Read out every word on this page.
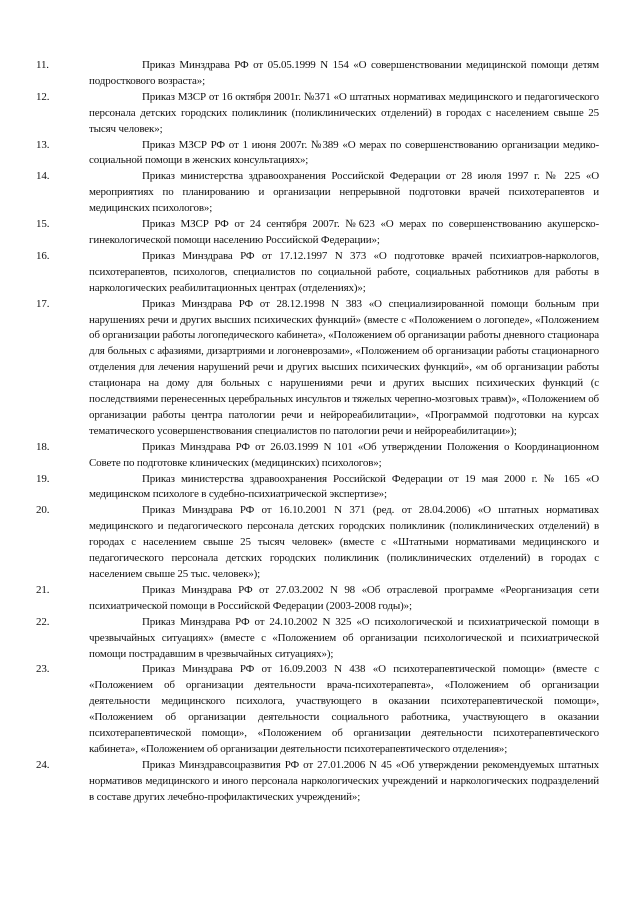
11.	Приказ Минздрава РФ от 05.05.1999 N 154 «О совершенствовании медицинской помощи детям подросткового возраста»;

12.	Приказ МЗСР от 16 октября 2001г. №371 «О штатных нормативах медицинского и педагогического персонала детских городских поликлиник (поликлинических отделений) в городах с населением свыше 25 тысяч человек»;

13.	Приказ МЗСР РФ от 1 июня 2007г. №389 «О мерах по совершенствованию организации медико-социальной помощи в женских консультациях»;

14.	Приказ министерства здравоохранения Российской Федерации от 28 июля 1997 г. № 225 «О мероприятиях по планированию и организации непрерывной подготовки врачей психотерапевтов и медицинских психологов»;

15.	Приказ МЗСР РФ от 24 сентября 2007г. №623 «О мерах по совершенствованию акушерско-гинекологической помощи населению Российской Федерации»;

16.	Приказ Минздрава РФ от 17.12.1997 N 373 «О подготовке врачей психиатров-наркологов, психотерапевтов, психологов, специалистов по социальной работе, социальных работников для работы в наркологических реабилитационных центрах (отделениях)»;

17.	Приказ Минздрава РФ от 28.12.1998 N 383 «О специализированной помощи больным при нарушениях речи и других высших психических функций» (вместе с «Положением о логопеде», «Положением об организации работы логопедического кабинета», «Положением об организации работы дневного стационара для больных с афазиями, дизартриями и логоневрозами», «Положением об организации работы стационарного отделения для лечения нарушений речи и других высших психических функций», «м об организации работы стационара на дому для больных с нарушениями речи и других высших психических функций (с последствиями перенесенных церебральных инсультов и тяжелых черепно-мозговых травм)», «Положением об организации работы центра патологии речи и нейрореабилитации», «Программой подготовки на курсах тематического усовершенствования специалистов по патологии речи и нейрореабилитации»);

18.	Приказ Минздрава РФ от 26.03.1999 N 101 «Об утверждении Положения о Координационном Совете по подготовке клинических (медицинских) психологов»;

19.	Приказ министерства здравоохранения Российской Федерации от 19 мая 2000 г. № 165 «О медицинском психологе в судебно-психиатрической экспертизе»;

20.	Приказ Минздрава РФ от 16.10.2001 N 371 (ред. от 28.04.2006) «О штатных нормативах медицинского и педагогического персонала детских городских поликлиник (поликлинических отделений) в городах с населением свыше 25 тысяч человек» (вместе с «Штатными нормативами медицинского и педагогического персонала детских городских поликлиник (поликлинических отделений) в городах с населением свыше 25 тыс. человек»);

21.	Приказ Минздрава РФ от 27.03.2002 N 98 «Об отраслевой программе «Реорганизация сети психиатрической помощи в Российской Федерации (2003-2008 годы)»;

22.	Приказ Минздрава РФ от 24.10.2002 N 325 «О психологической и психиатрической помощи в чрезвычайных ситуациях» (вместе с «Положением об организации психологической и психиатрической помощи пострадавшим в чрезвычайных ситуациях»);

23.	Приказ Минздрава РФ от 16.09.2003 N 438 «О психотерапевтической помощи» (вместе с «Положением об организации деятельности врача-психотерапевта», «Положением об организации деятельности медицинского психолога, участвующего в оказании психотерапевтической помощи», «Положением об организации деятельности социального работника, участвующего в оказании психотерапевтической помощи», «Положением об организации деятельности психотерапевтического кабинета», «Положением об организации деятельности психотерапевтического отделения»;

24.	Приказ Минздравсоцразвития РФ от 27.01.2006 N 45 «Об утверждении рекомендуемых штатных нормативов медицинского и иного персонала наркологических учреждений и наркологических подразделений в составе других лечебно-профилактических учреждений»;
